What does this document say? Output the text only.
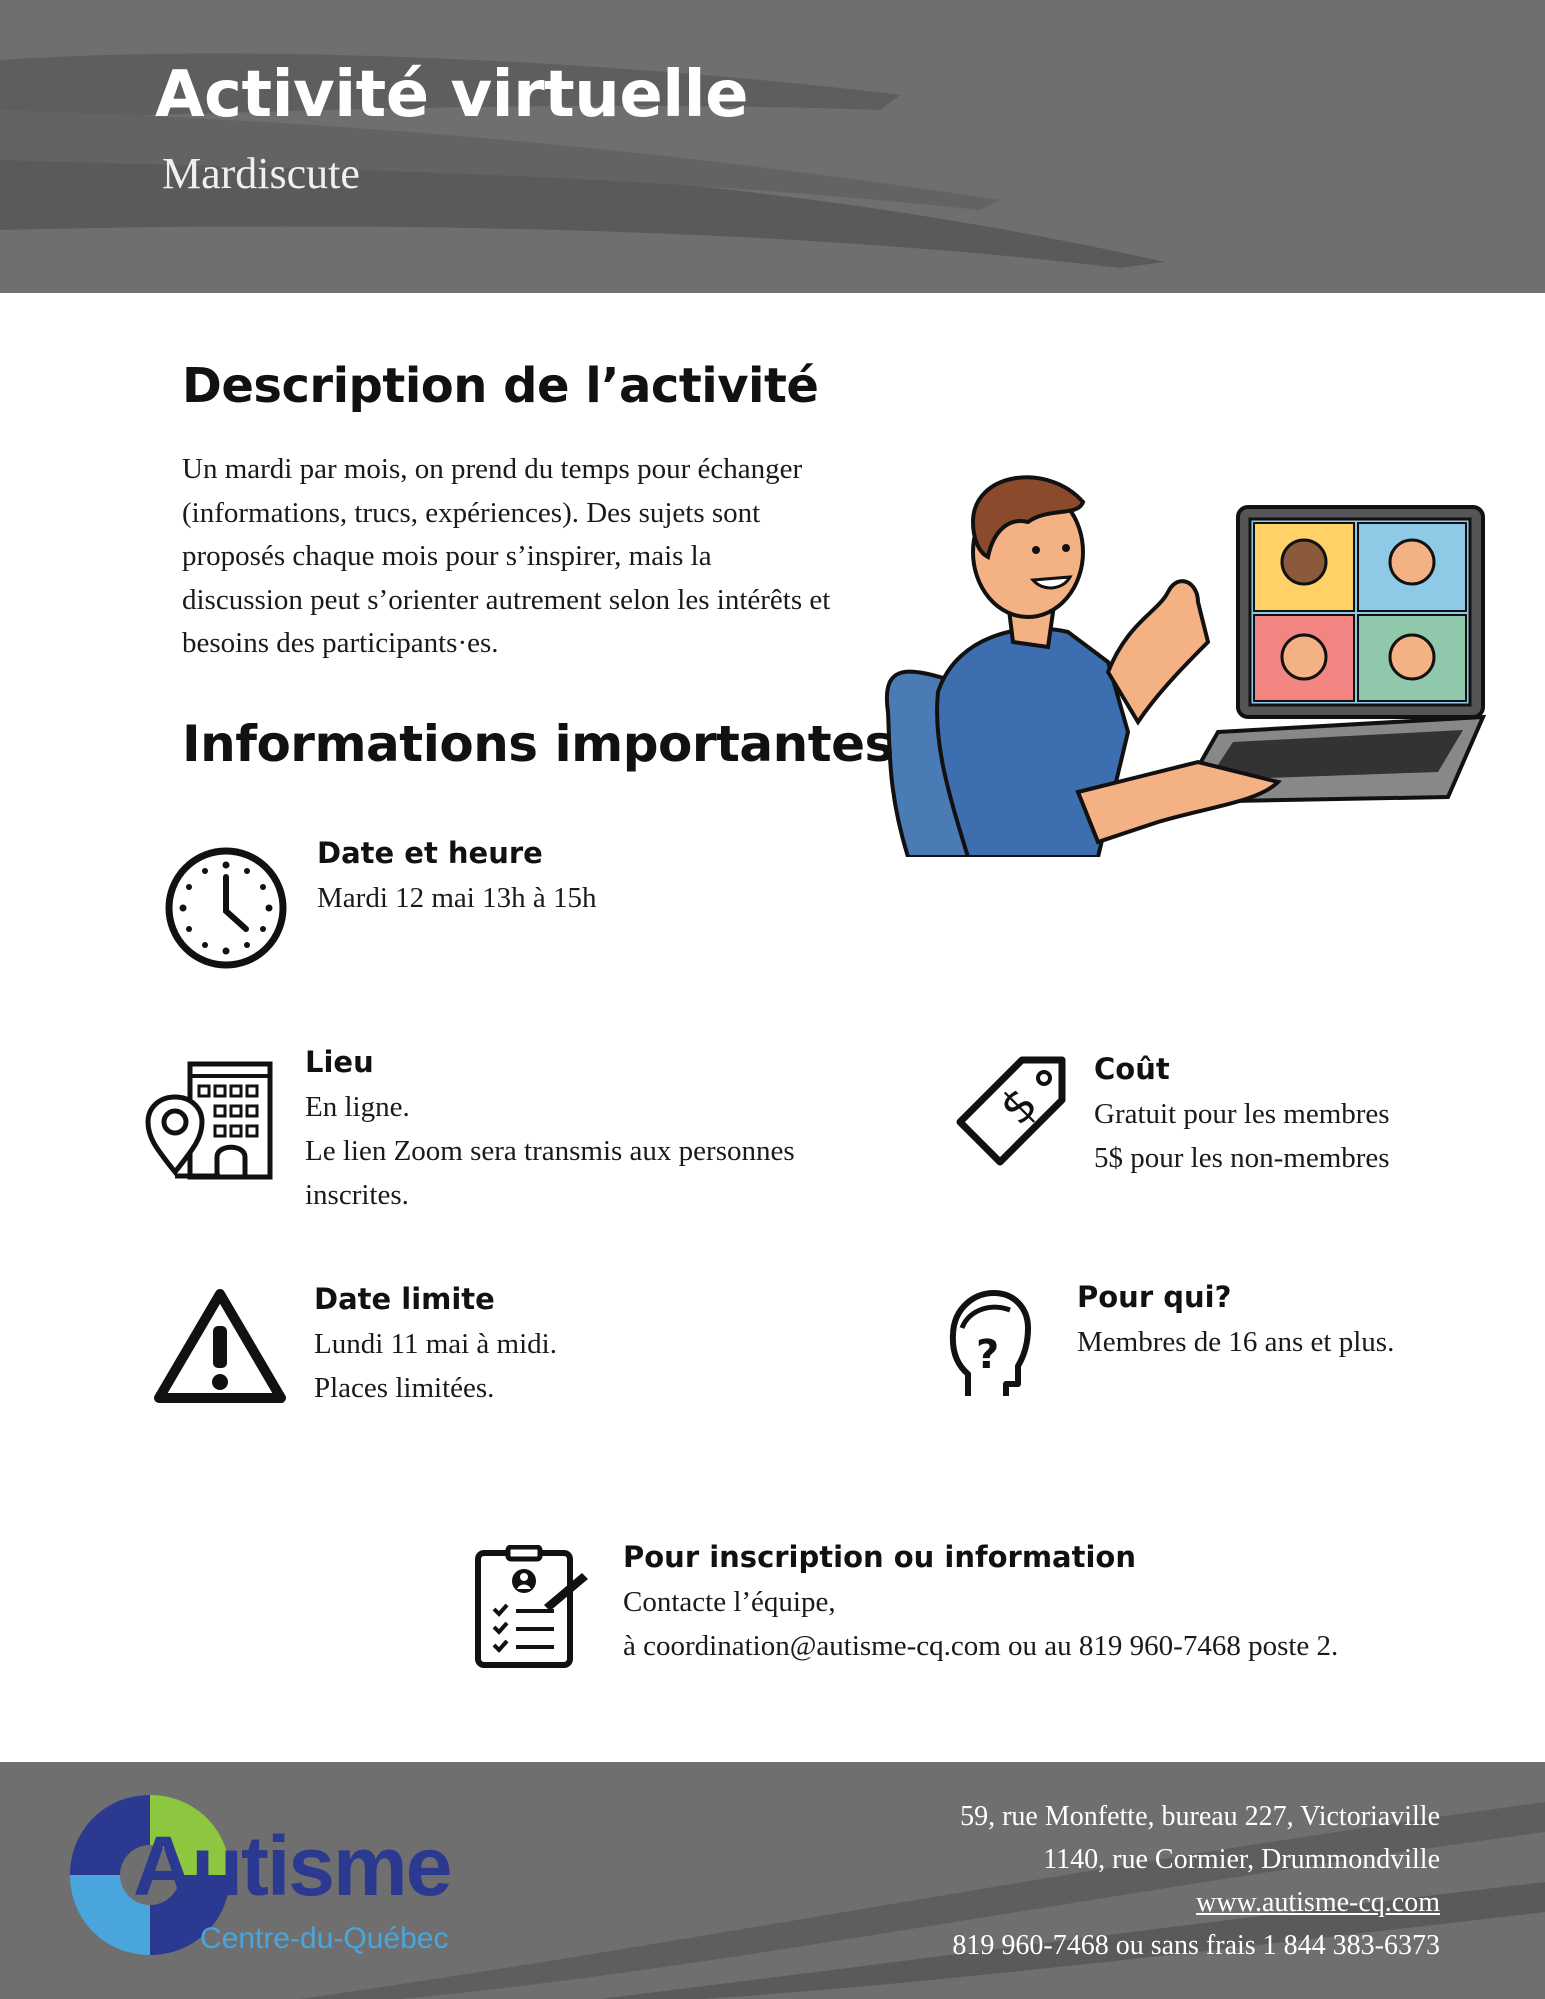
Activité virtuelle
Mardiscute
Description de l’activité
Un mardi par mois, on prend du temps pour échanger (informations, trucs, expériences). Des sujets sont proposés chaque mois pour s’inspirer, mais la discussion peut s’orienter autrement selon les intérêts et besoins des participants·es.
Informations importantes
Date et heure
Mardi 12 mai 13h à 15h
Lieu
En ligne.
Le lien Zoom sera transmis aux personnes inscrites.
$
Coût
Gratuit pour les membres
5$ pour les non-membres
Date limite
Lundi 11 mai à midi.
Places limitées.
?
Pour qui?
Membres de 16 ans et plus.
Pour inscription ou information
Contacte l’équipe,
à coordination@autisme-cq.com ou au 819 960-7468 poste 2.
Autisme
Centre-du-Québec
59, rue Monfette, bureau 227, Victoriaville
1140, rue Cormier, Drummondville
www.autisme-cq.com
819 960-7468 ou sans frais 1 844 383-6373
